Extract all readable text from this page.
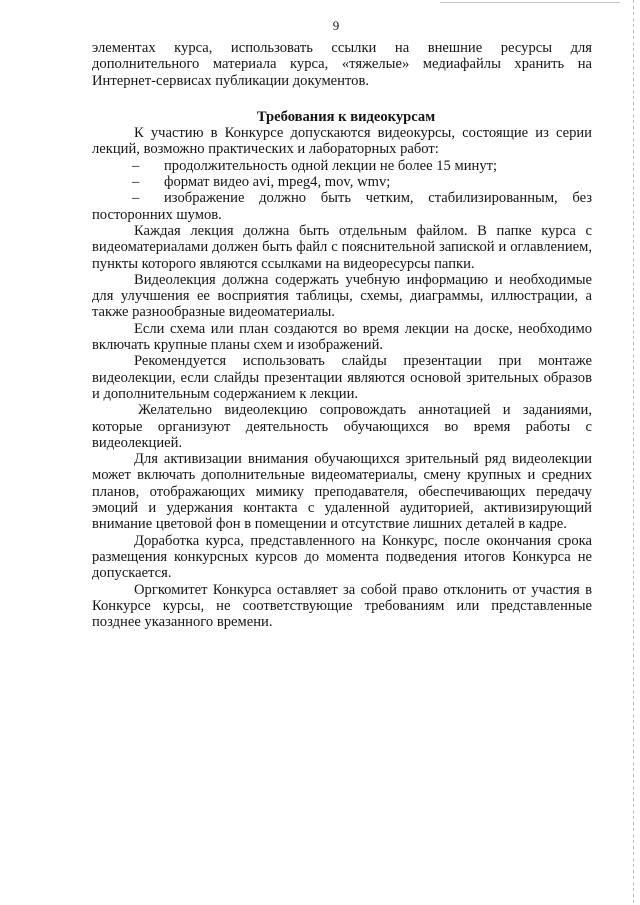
9

элементах курса, использовать ссылки на внешние ресурсы для дополнительного материала курса, «тяжелые» медиафайлы хранить на Интернет-сервисах публикации документов.

Требования к видеокурсам

К участию в Конкурсе допускаются видеокурсы, состоящие из серии лекций, возможно практических и лабораторных работ:

– продолжительность одной лекции не более 15 минут;
– формат видео avi, mpeg4, mov, wmv;
– изображение должно быть четким, стабилизированным, без посторонних шумов.

Каждая лекция должна быть отдельным файлом. В папке курса с видеоматериалами должен быть файл с пояснительной запиской и оглавлением, пункты которого являются ссылками на видеоресурсы папки.

Видеолекция должна содержать учебную информацию и необходимые для улучшения ее восприятия таблицы, схемы, диаграммы, иллюстрации, а также разнообразные видеоматериалы.

Если схема или план создаются во время лекции на доске, необходимо включать крупные планы схем и изображений.

Рекомендуется использовать слайды презентации при монтаже видеолекции, если слайды презентации являются основой зрительных образов и дополнительным содержанием к лекции.

Желательно видеолекцию сопровождать аннотацией и заданиями, которые организуют деятельность обучающихся во время работы с видеолекцией.

Для активизации внимания обучающихся зрительный ряд видеолекции может включать дополнительные видеоматериалы, смену крупных и средних планов, отображающих мимику преподавателя, обеспечивающих передачу эмоций и удержания контакта с удаленной аудиторией, активизирующий внимание цветовой фон в помещении и отсутствие лишних деталей в кадре.

Доработка курса, представленного на Конкурс, после окончания срока размещения конкурсных курсов до момента подведения итогов Конкурса не допускается.

Оргкомитет Конкурса оставляет за собой право отклонить от участия в Конкурсе курсы, не соответствующие требованиям или представленные позднее указанного времени.
